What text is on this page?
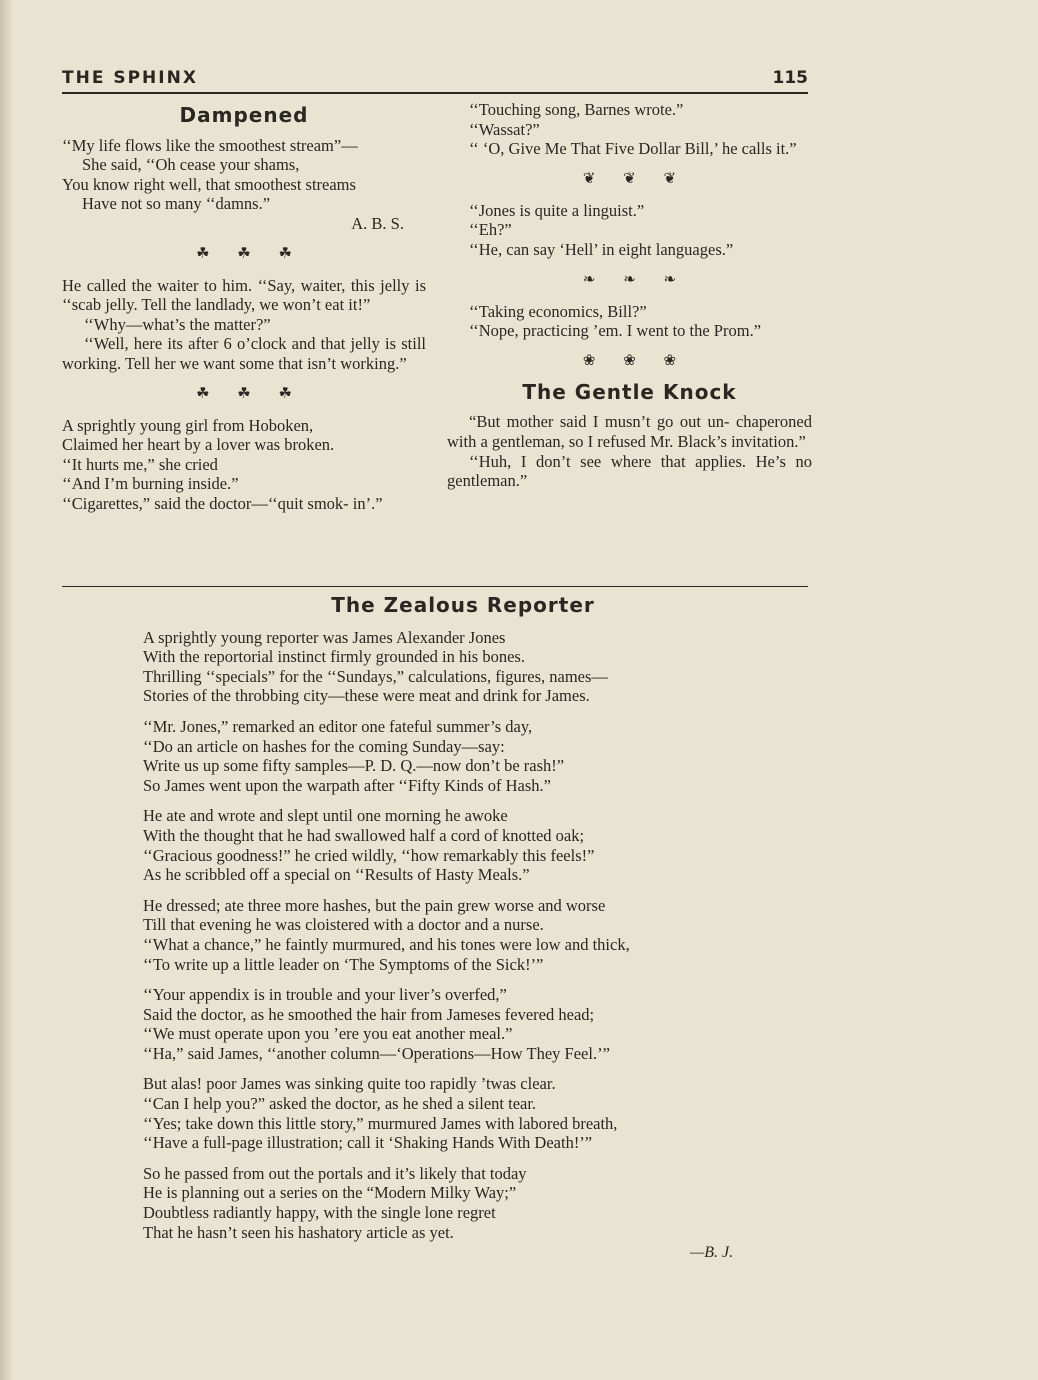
THE SPHINX	115
Dampened
‘‘My life flows like the smoothest stream”—
She said, ‘‘Oh cease your shams,
You know right well, that smoothest streams
Have not so many ‘‘damns.”
A. B. S.
☘ ☘ ☘

He called the waiter to him. ‘‘Say, waiter, this jelly is ‘‘scab jelly. Tell the landlady, we won’t eat it!”

‘‘Why—what’s the matter?”

‘‘Well, here its after 6 o’clock and that jelly is still working. Tell her we want some that isn’t working.”

☘ ☘ ☘
A sprightly young girl from Hoboken,
Claimed her heart by a lover was broken.
‘‘It hurts me,” she cried
‘‘And I’m burning inside.”
‘‘Cigarettes,” said the doctor—‘‘quit smok- in’.”

‘‘Touching song, Barnes wrote.”

‘‘Wassat?”

‘‘ ‘O, Give Me That Five Dollar Bill,’ he calls it.”

❦ ❦ ❦

‘‘Jones is quite a linguist.”

‘‘Eh?”

‘‘He, can say ‘Hell’ in eight languages.”

❧ ❧ ❧

‘‘Taking economics, Bill?”

‘‘Nope, practicing ’em. I went to the Prom.”

❀ ❀ ❀
The Gentle Knock

“But mother said I musn’t go out un- chaperoned with a gentleman, so I refused Mr. Black’s invitation.”

‘‘Huh, I don’t see where that applies. He’s no gentleman.”

The Zealous Reporter
A sprightly young reporter was James Alexander Jones
With the reportorial instinct firmly grounded in his bones.
Thrilling ‘‘specials” for the ‘‘Sundays,” calculations, figures, names—
Stories of the throbbing city—these were meat and drink for James.
‘‘Mr. Jones,” remarked an editor one fateful summer’s day,
‘‘Do an article on hashes for the coming Sunday—say:
Write us up some fifty samples—P. D. Q.—now don’t be rash!”
So James went upon the warpath after ‘‘Fifty Kinds of Hash.”
He ate and wrote and slept until one morning he awoke
With the thought that he had swallowed half a cord of knotted oak;
‘‘Gracious goodness!” he cried wildly, ‘‘how remarkably this feels!”
As he scribbled off a special on ‘‘Results of Hasty Meals.”
He dressed; ate three more hashes, but the pain grew worse and worse
Till that evening he was cloistered with a doctor and a nurse.
‘‘What a chance,” he faintly murmured, and his tones were low and thick,
‘‘To write up a little leader on ‘The Symptoms of the Sick!’”
‘‘Your appendix is in trouble and your liver’s overfed,”
Said the doctor, as he smoothed the hair from Jameses fevered head;
‘‘We must operate upon you ’ere you eat another meal.”
‘‘Ha,” said James, ‘‘another column—‘Operations—How They Feel.’”
But alas! poor James was sinking quite too rapidly ’twas clear.
‘‘Can I help you?” asked the doctor, as he shed a silent tear.
‘‘Yes; take down this little story,” murmured James with labored breath,
‘‘Have a full-page illustration; call it ‘Shaking Hands With Death!’”
So he passed from out the portals and it’s likely that today
He is planning out a series on the “Modern Milky Way;”
Doubtless radiantly happy, with the single lone regret
That he hasn’t seen his hashatory article as yet.
—B. J.
